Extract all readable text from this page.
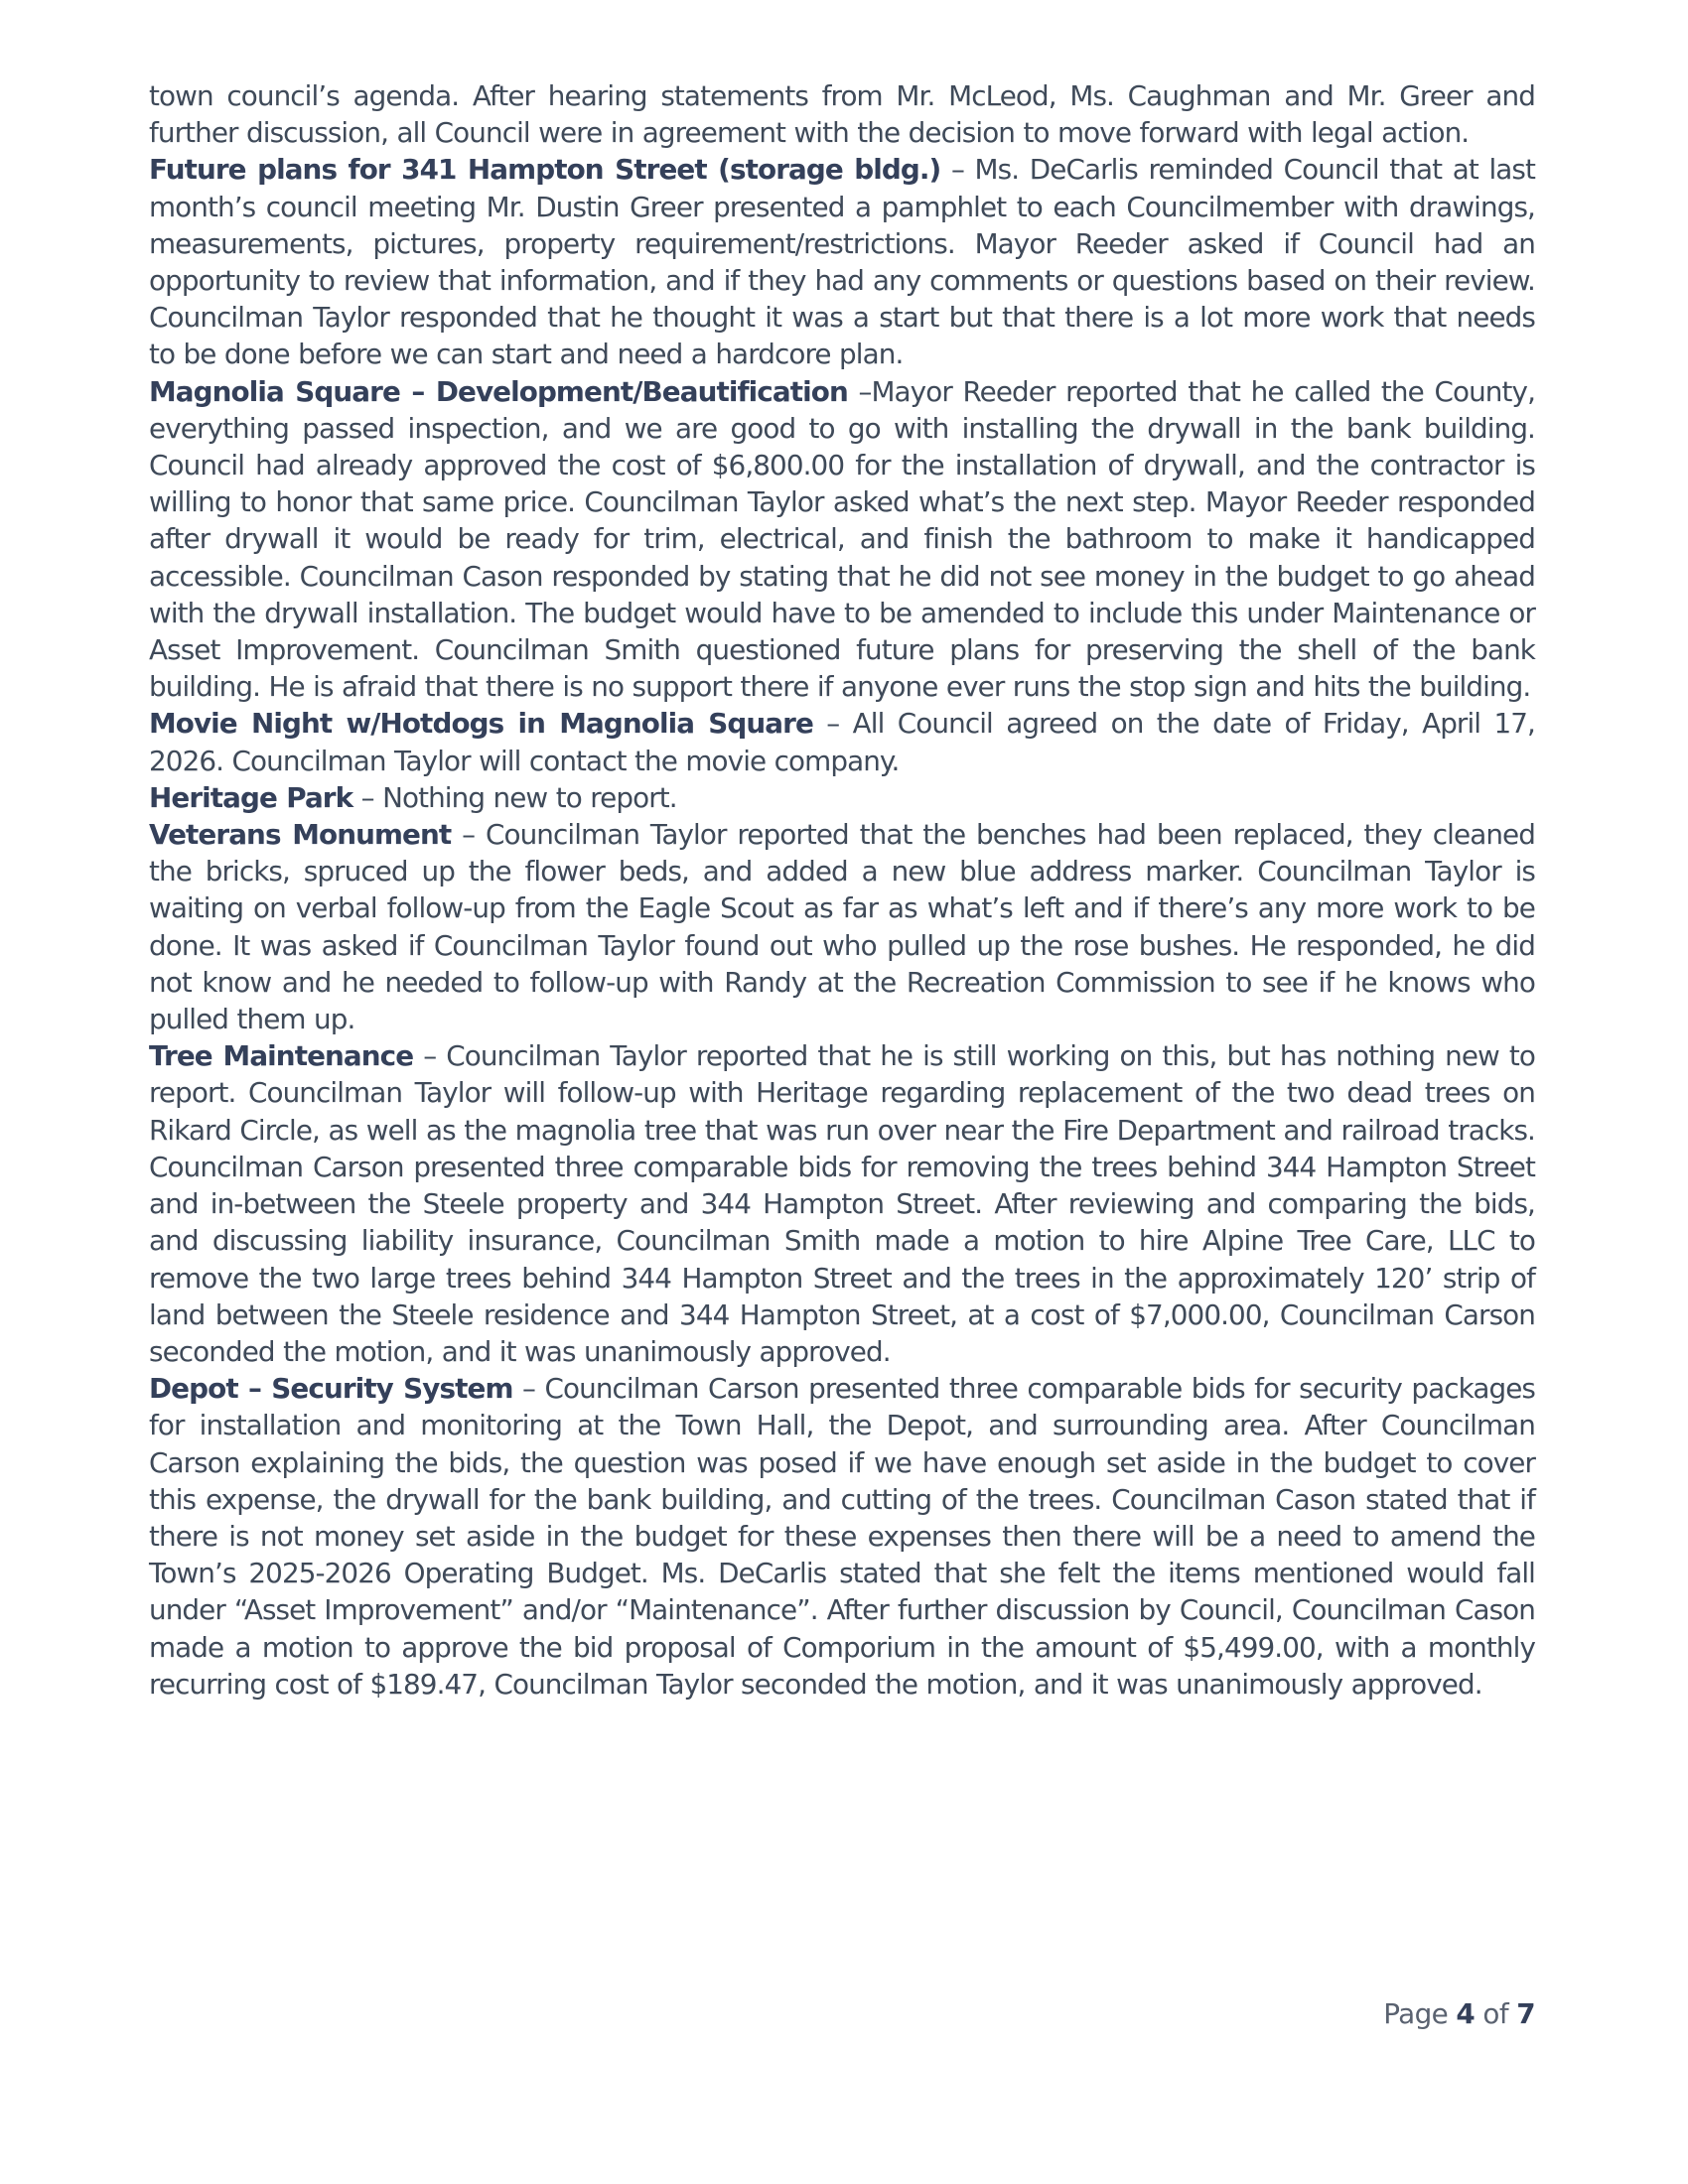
town council’s agenda. After hearing statements from Mr. McLeod, Ms. Caughman and Mr. Greer and further discussion, all Council were in agreement with the decision to move forward with legal action.

Future plans for 341 Hampton Street (storage bldg.) – Ms. DeCarlis reminded Council that at last month’s council meeting Mr. Dustin Greer presented a pamphlet to each Councilmember with drawings, measurements, pictures, property requirement/restrictions. Mayor Reeder asked if Council had an opportunity to review that information, and if they had any comments or questions based on their review. Councilman Taylor responded that he thought it was a start but that there is a lot more work that needs to be done before we can start and need a hardcore plan.

Magnolia Square – Development/Beautification –Mayor Reeder reported that he called the County, everything passed inspection, and we are good to go with installing the drywall in the bank building. Council had already approved the cost of $6,800.00 for the installation of drywall, and the contractor is willing to honor that same price. Councilman Taylor asked what’s the next step. Mayor Reeder responded after drywall it would be ready for trim, electrical, and finish the bathroom to make it handicapped accessible. Councilman Cason responded by stating that he did not see money in the budget to go ahead with the drywall installation. The budget would have to be amended to include this under Maintenance or Asset Improvement. Councilman Smith questioned future plans for preserving the shell of the bank building. He is afraid that there is no support there if anyone ever runs the stop sign and hits the building.

Movie Night w/Hotdogs in Magnolia Square – All Council agreed on the date of Friday, April 17, 2026. Councilman Taylor will contact the movie company.

Heritage Park – Nothing new to report.

Veterans Monument – Councilman Taylor reported that the benches had been replaced, they cleaned the bricks, spruced up the flower beds, and added a new blue address marker. Councilman Taylor is waiting on verbal follow-up from the Eagle Scout as far as what’s left and if there’s any more work to be done. It was asked if Councilman Taylor found out who pulled up the rose bushes. He responded, he did not know and he needed to follow-up with Randy at the Recreation Commission to see if he knows who pulled them up.

Tree Maintenance – Councilman Taylor reported that he is still working on this, but has nothing new to report. Councilman Taylor will follow-up with Heritage regarding replacement of the two dead trees on Rikard Circle, as well as the magnolia tree that was run over near the Fire Department and railroad tracks. Councilman Carson presented three comparable bids for removing the trees behind 344 Hampton Street and in-between the Steele property and 344 Hampton Street. After reviewing and comparing the bids, and discussing liability insurance, Councilman Smith made a motion to hire Alpine Tree Care, LLC to remove the two large trees behind 344 Hampton Street and the trees in the approximately 120’ strip of land between the Steele residence and 344 Hampton Street, at a cost of $7,000.00, Councilman Carson seconded the motion, and it was unanimously approved.

Depot – Security System – Councilman Carson presented three comparable bids for security packages for installation and monitoring at the Town Hall, the Depot, and surrounding area. After Councilman Carson explaining the bids, the question was posed if we have enough set aside in the budget to cover this expense, the drywall for the bank building, and cutting of the trees. Councilman Cason stated that if there is not money set aside in the budget for these expenses then there will be a need to amend the Town’s 2025-2026 Operating Budget. Ms. DeCarlis stated that she felt the items mentioned would fall under “Asset Improvement” and/or “Maintenance”. After further discussion by Council, Councilman Cason made a motion to approve the bid proposal of Comporium in the amount of $5,499.00, with a monthly recurring cost of $189.47, Councilman Taylor seconded the motion, and it was unanimously approved.

Page 4 of 7
